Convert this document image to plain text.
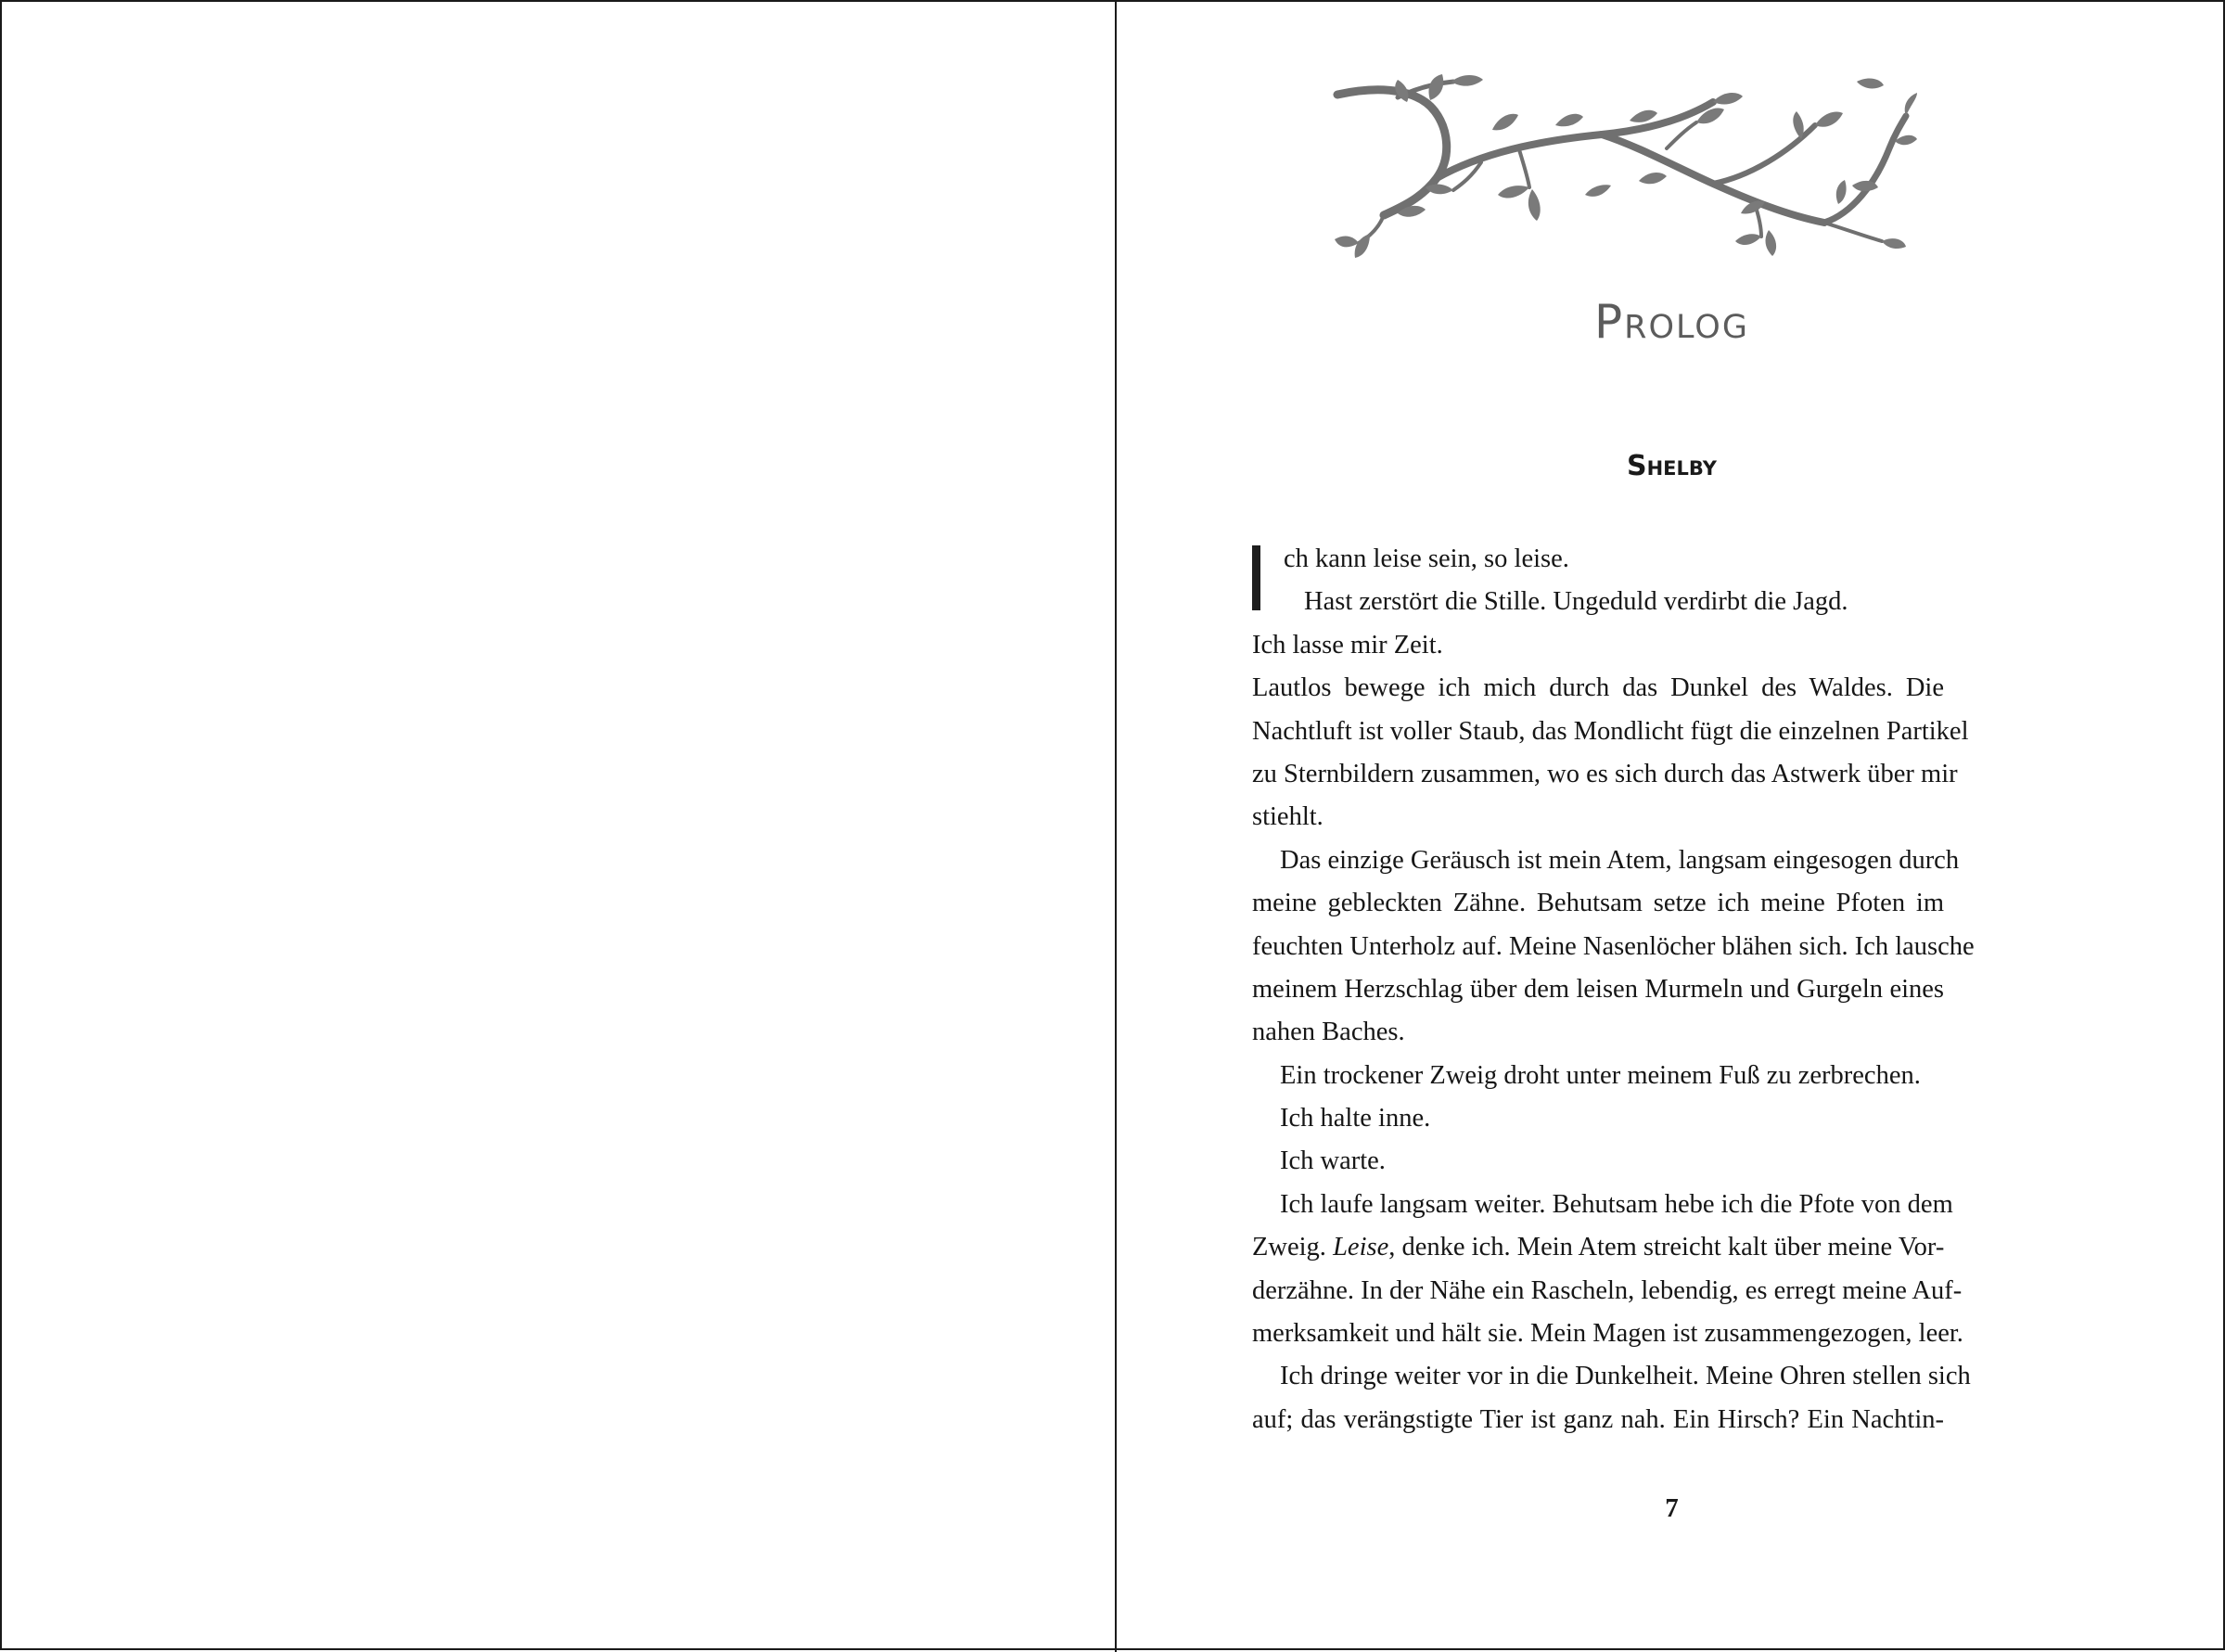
Prolog
Shelby
ch kann leise sein, so leise.
Hast zerstört die Stille. Ungeduld verdirbt die Jagd.
Ich lasse mir Zeit.
Lautlos bewege ich mich durch das Dunkel des Waldes. Die
Nachtluft ist voller Staub, das Mondlicht fügt die einzelnen Partikel
zu Sternbildern zusammen, wo es sich durch das Astwerk über mir
stiehlt.
Das einzige Geräusch ist mein Atem, langsam eingesogen durch
meine gebleckten Zähne. Behutsam setze ich meine Pfoten im
feuchten Unterholz auf. Meine Nasenlöcher blähen sich. Ich lausche
meinem Herzschlag über dem leisen Murmeln und Gurgeln eines
nahen Baches.
Ein trockener Zweig droht unter meinem Fuß zu zerbrechen.
Ich halte inne.
Ich warte.
Ich laufe langsam weiter. Behutsam hebe ich die Pfote von dem
Zweig. Leise, denke ich. Mein Atem streicht kalt über meine Vor-
derzähne. In der Nähe ein Rascheln, lebendig, es erregt meine Auf-
merksamkeit und hält sie. Mein Magen ist zusammengezogen, leer.
Ich dringe weiter vor in die Dunkelheit. Meine Ohren stellen sich
auf; das verängstigte Tier ist ganz nah. Ein Hirsch? Ein Nachtin-
7
